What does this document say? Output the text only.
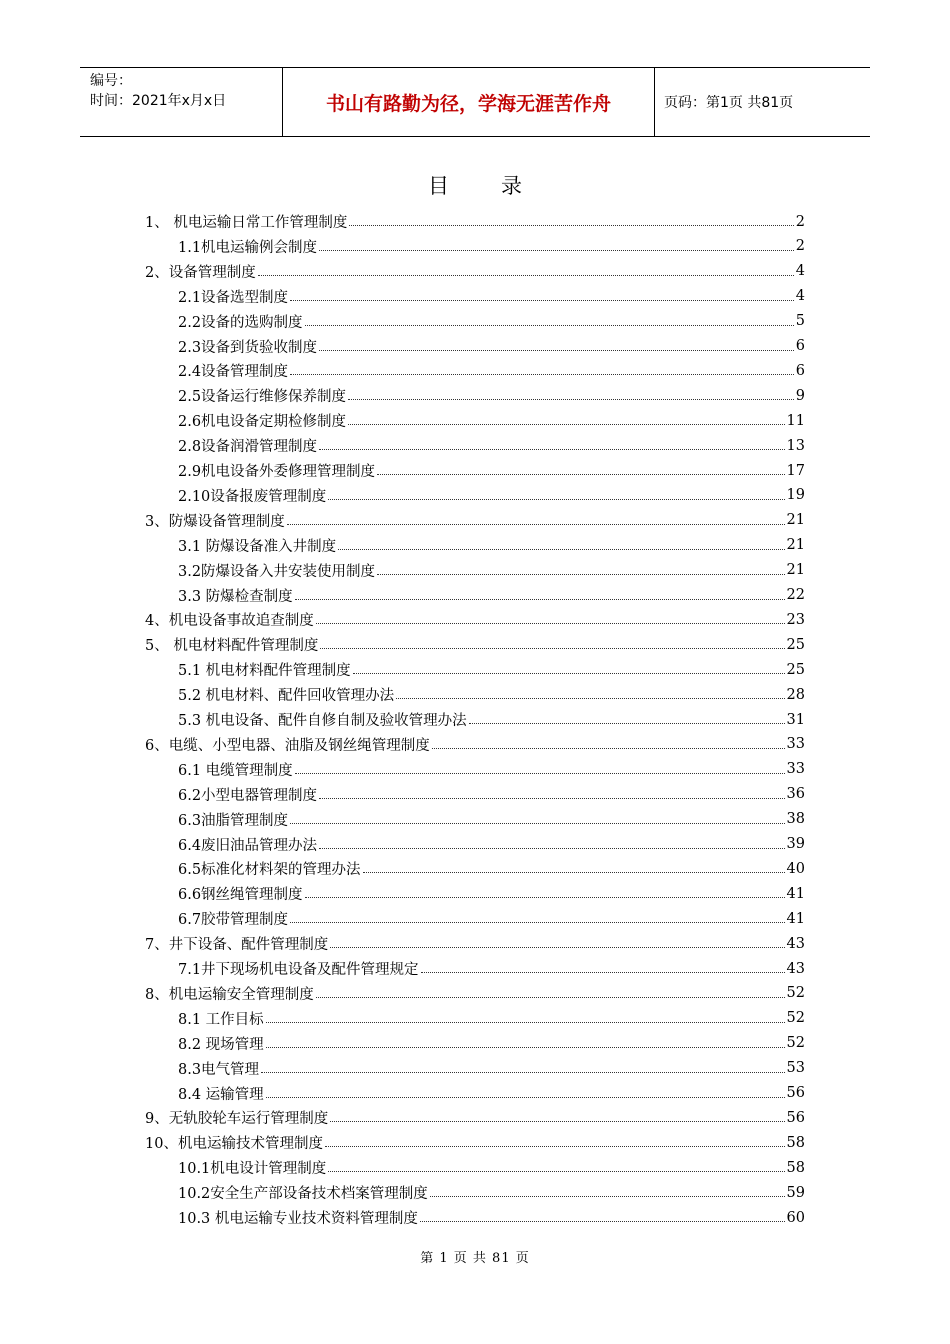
编号：
时间：2021年x月x日	书山有路勤为径，学海无涯苦作舟	页码：第1页 共81页
目录
1、 机电运输日常工作管理制度	2
1.1机电运输例会制度	2
2、设备管理制度	4
2.1设备选型制度	4
2.2设备的选购制度	5
2.3设备到货验收制度	6
2.4设备管理制度	6
2.5设备运行维修保养制度	9
2.6机电设备定期检修制度	11
2.8设备润滑管理制度	13
2.9机电设备外委修理管理制度	17
2.10设备报废管理制度	19
3、防爆设备管理制度	21
3.1 防爆设备准入井制度	21
3.2防爆设备入井安装使用制度	21
3.3 防爆检查制度	22
4、机电设备事故追查制度	23
5、 机电材料配件管理制度	25
5.1 机电材料配件管理制度	25
5.2 机电材料、配件回收管理办法	28
5.3 机电设备、配件自修自制及验收管理办法	31
6、电缆、小型电器、油脂及钢丝绳管理制度	33
6.1 电缆管理制度	33
6.2小型电器管理制度	36
6.3油脂管理制度	38
6.4废旧油品管理办法	39
6.5标准化材料架的管理办法	40
6.6钢丝绳管理制度	41
6.7胶带管理制度	41
7、井下设备、配件管理制度	43
7.1井下现场机电设备及配件管理规定	43
8、机电运输安全管理制度	52
8.1 工作目标	52
8.2 现场管理	52
8.3电气管理	53
8.4 运输管理	56
9、无轨胶轮车运行管理制度	56
10、机电运输技术管理制度	58
10.1机电设计管理制度	58
10.2安全生产部设备技术档案管理制度	59
10.3 机电运输专业技术资料管理制度	60
第 1 页 共 81 页
